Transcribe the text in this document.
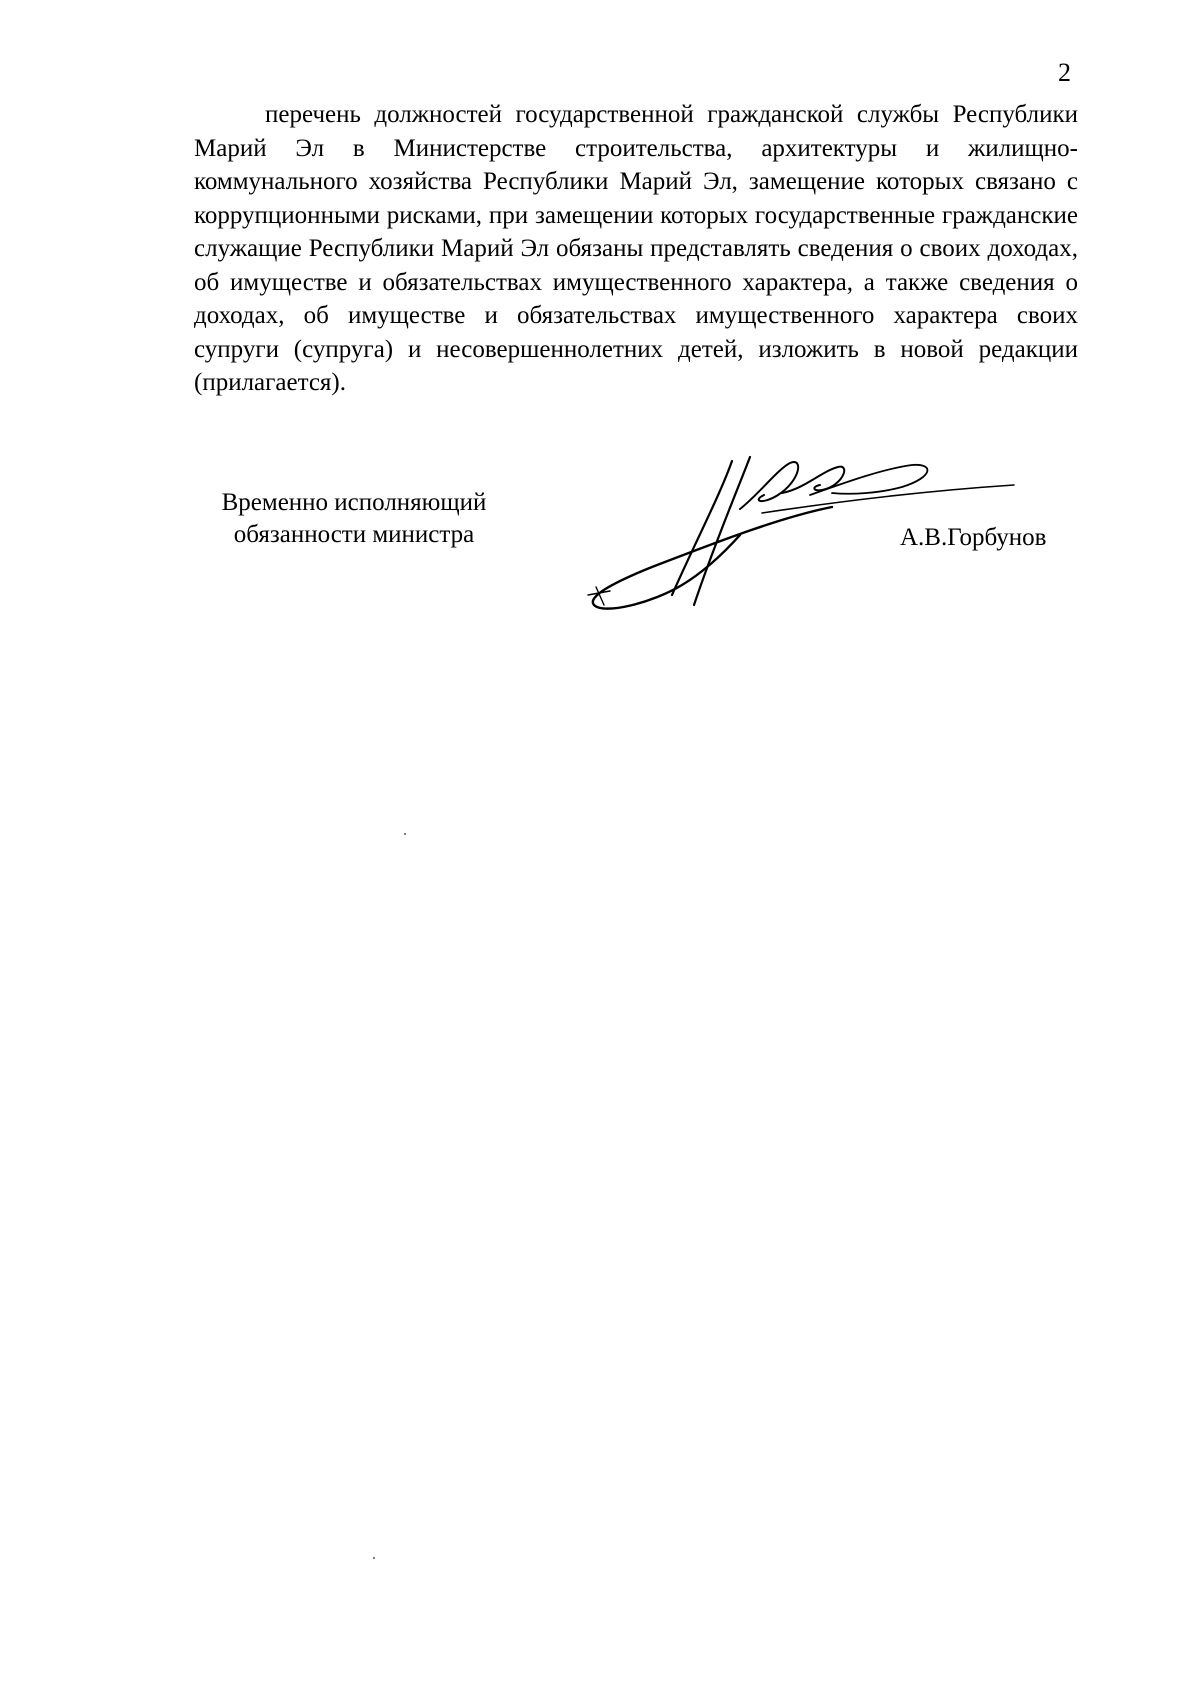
2

перечень должностей государственной гражданской службы Республики Марий Эл в Министерстве строительства, архитектуры и жилищно-коммунального хозяйства Республики Марий Эл, замещение которых связано с коррупционными рисками, при замещении которых государственные гражданские служащие Республики Марий Эл обязаны представлять сведения о своих доходах, об имуществе и обязательствах имущественного характера, а также сведения о доходах, об имуществе и обязательствах имущественного характера своих супруги (супруга) и несовершеннолетних детей, изложить в новой редакции (прилагается).

Временно исполняющий
обязанности министра	А.В.Горбунов
